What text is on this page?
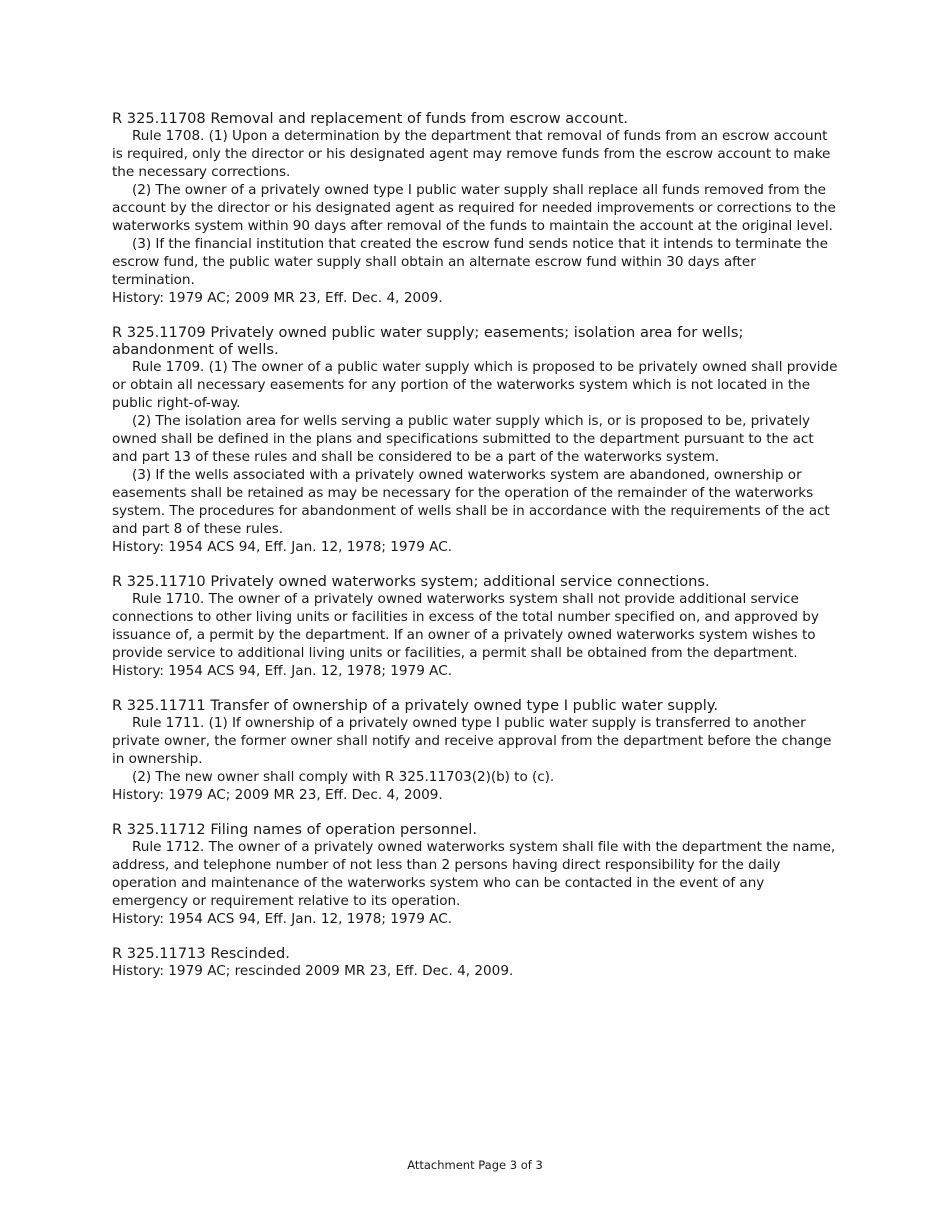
R 325.11708 Removal and replacement of funds from escrow account.

Rule 1708. (1) Upon a determination by the department that removal of funds from an escrow account is required, only the director or his designated agent may remove funds from the escrow account to make the necessary corrections.

(2) The owner of a privately owned type I public water supply shall replace all funds removed from the account by the director or his designated agent as required for needed improvements or corrections to the waterworks system within 90 days after removal of the funds to maintain the account at the original level.

(3) If the financial institution that created the escrow fund sends notice that it intends to terminate the escrow fund, the public water supply shall obtain an alternate escrow fund within 30 days after termination.

History: 1979 AC; 2009 MR 23, Eff. Dec. 4, 2009.

R 325.11709 Privately owned public water supply; easements; isolation area for wells; abandonment of wells.

Rule 1709. (1) The owner of a public water supply which is proposed to be privately owned shall provide or obtain all necessary easements for any portion of the waterworks system which is not located in the public right-of-way.

(2) The isolation area for wells serving a public water supply which is, or is proposed to be, privately owned shall be defined in the plans and specifications submitted to the department pursuant to the act and part 13 of these rules and shall be considered to be a part of the waterworks system.

(3) If the wells associated with a privately owned waterworks system are abandoned, ownership or easements shall be retained as may be necessary for the operation of the remainder of the waterworks system. The procedures for abandonment of wells shall be in accordance with the requirements of the act and part 8 of these rules.

History: 1954 ACS 94, Eff. Jan. 12, 1978; 1979 AC.

R 325.11710 Privately owned waterworks system; additional service connections.

Rule 1710. The owner of a privately owned waterworks system shall not provide additional service connections to other living units or facilities in excess of the total number specified on, and approved by issuance of, a permit by the department. If an owner of a privately owned waterworks system wishes to provide service to additional living units or facilities, a permit shall be obtained from the department.

History: 1954 ACS 94, Eff. Jan. 12, 1978; 1979 AC.

R 325.11711 Transfer of ownership of a privately owned type I public water supply.

Rule 1711. (1) If ownership of a privately owned type I public water supply is transferred to another private owner, the former owner shall notify and receive approval from the department before the change in ownership.

(2) The new owner shall comply with R 325.11703(2)(b) to (c).

History: 1979 AC; 2009 MR 23, Eff. Dec. 4, 2009.

R 325.11712 Filing names of operation personnel.

Rule 1712. The owner of a privately owned waterworks system shall file with the department the name, address, and telephone number of not less than 2 persons having direct responsibility for the daily operation and maintenance of the waterworks system who can be contacted in the event of any emergency or requirement relative to its operation.

History: 1954 ACS 94, Eff. Jan. 12, 1978; 1979 AC.

R 325.11713 Rescinded.

History: 1979 AC; rescinded 2009 MR 23, Eff. Dec. 4, 2009.

Attachment Page 3 of 3
